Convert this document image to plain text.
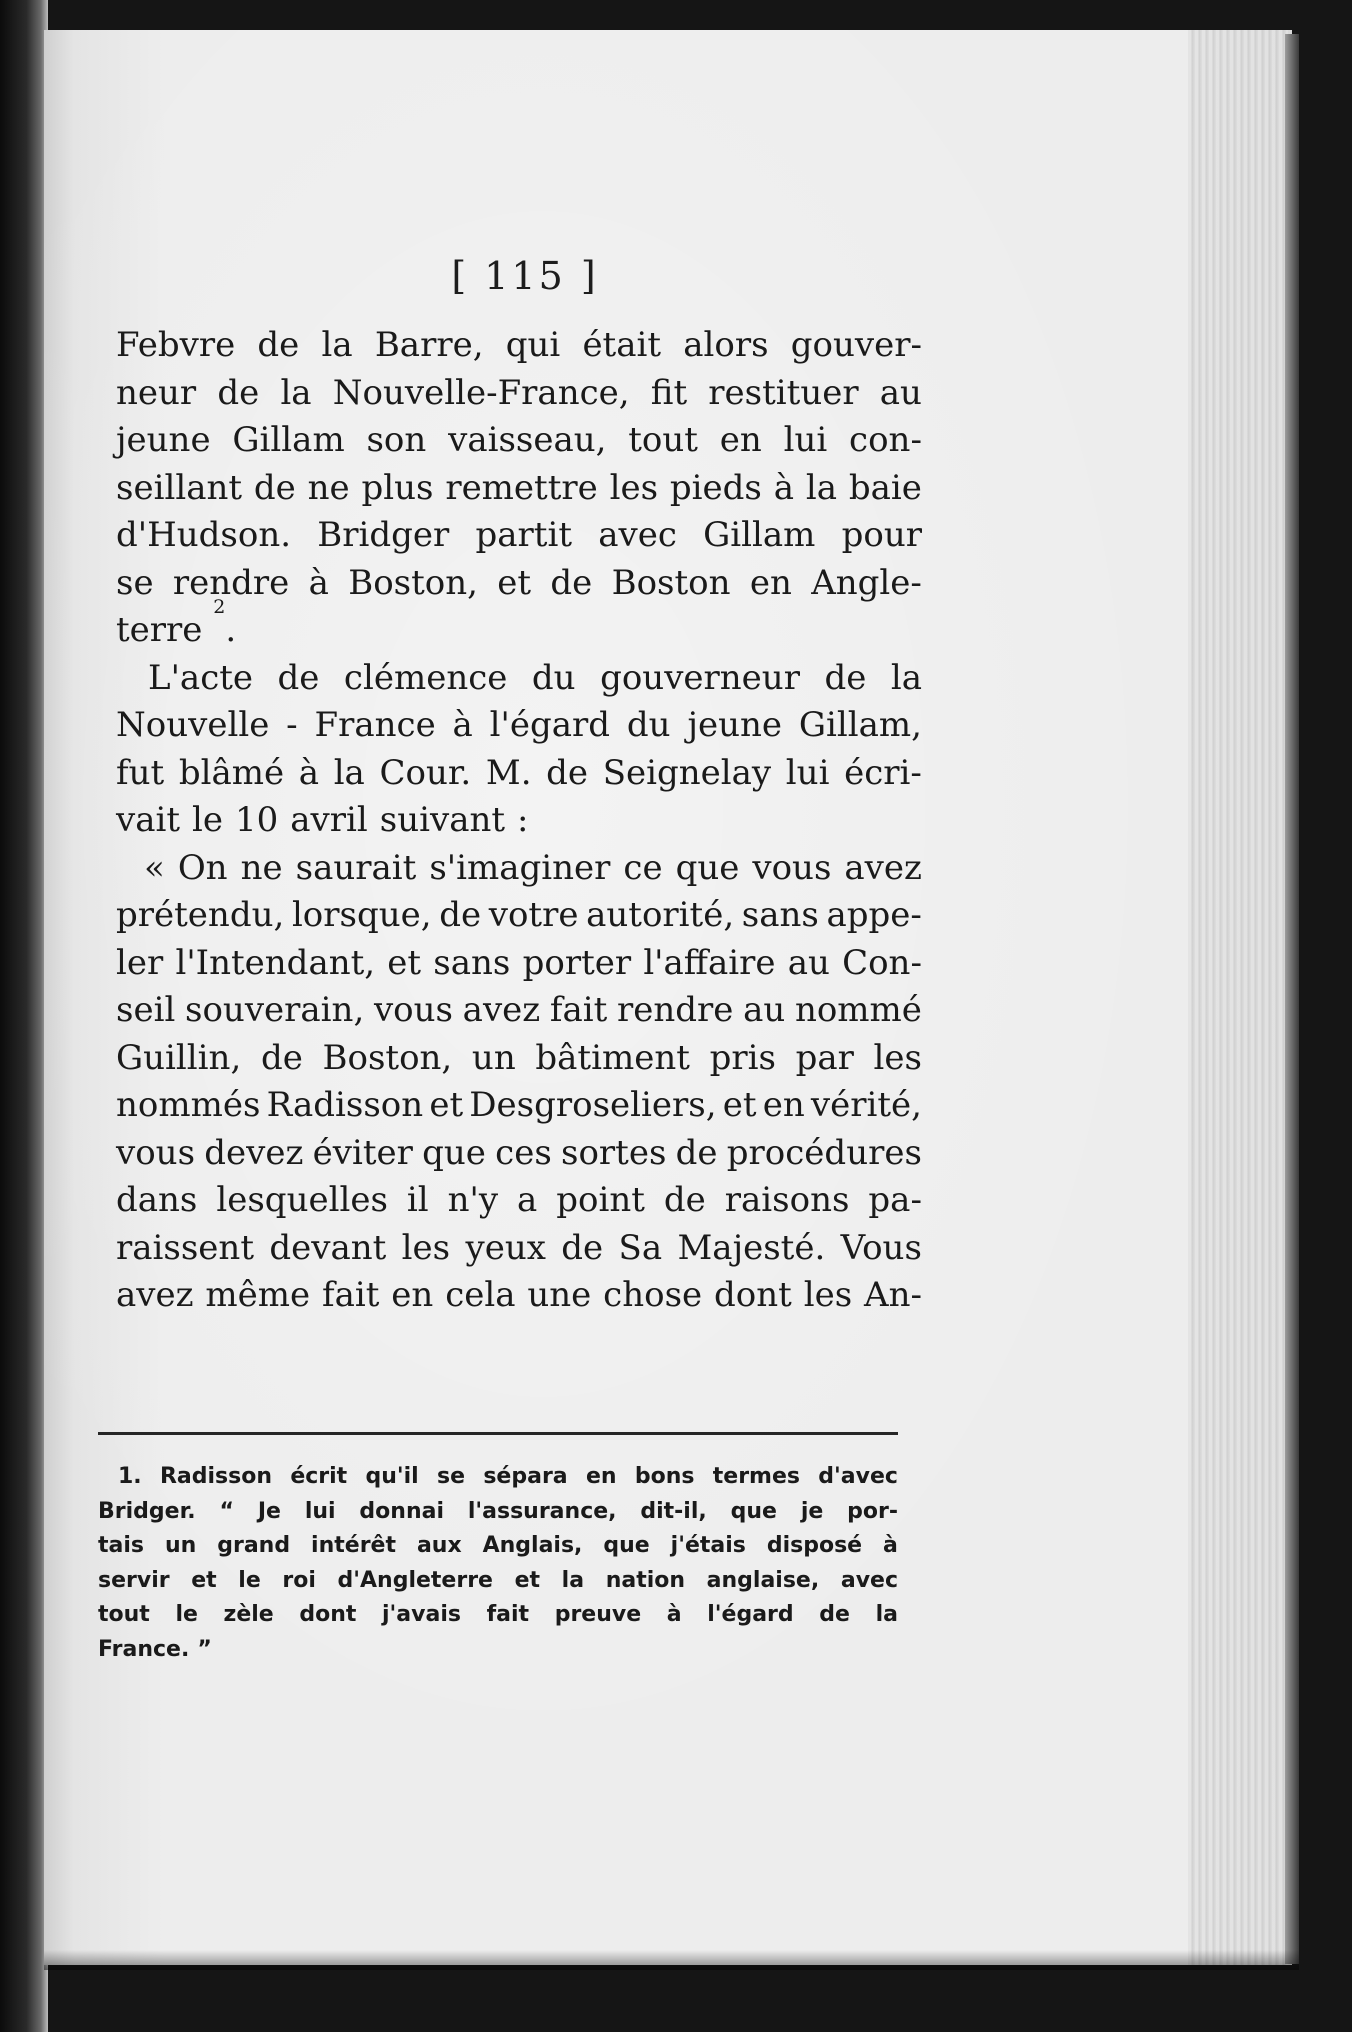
[ 115 ]
Febvre de la Barre, qui était alors gouver-
neur de la Nouvelle-France, fit restituer au
jeune Gillam son vaisseau, tout en lui con-
seillant de ne plus remettre les pieds à la baie
d'Hudson. Bridger partit avec Gillam pour
se rendre à Boston, et de Boston en Angle-
terre

2
.
L'acte de clémence du gouverneur de la
Nouvelle - France à l'égard du jeune Gillam,
fut blâmé à la Cour. M. de Seignelay lui écri-
vait le 10 avril suivant :
« On ne saurait s'imaginer ce que vous avez
prétendu, lorsque, de votre autorité, sans appe-
ler l'Intendant, et sans porter l'affaire au Con-
seil souverain, vous avez fait rendre au nommé
Guillin, de Boston, un bâtiment pris par les
nommés Radisson et Desgroseliers, et en vérité,
vous devez éviter que ces sortes de procédures
dans lesquelles il n'y a point de raisons pa-
raissent devant les yeux de Sa Majesté. Vous
avez même fait en cela une chose dont les An-
1. Radisson écrit qu'il se sépara en bons termes d'avec
Bridger. “ Je lui donnai l'assurance, dit-il, que je por-
tais un grand intérêt aux Anglais, que j'étais disposé à
servir et le roi d'Angleterre et la nation anglaise, avec
tout le zèle dont j'avais fait preuve à l'égard de la
France. ”
